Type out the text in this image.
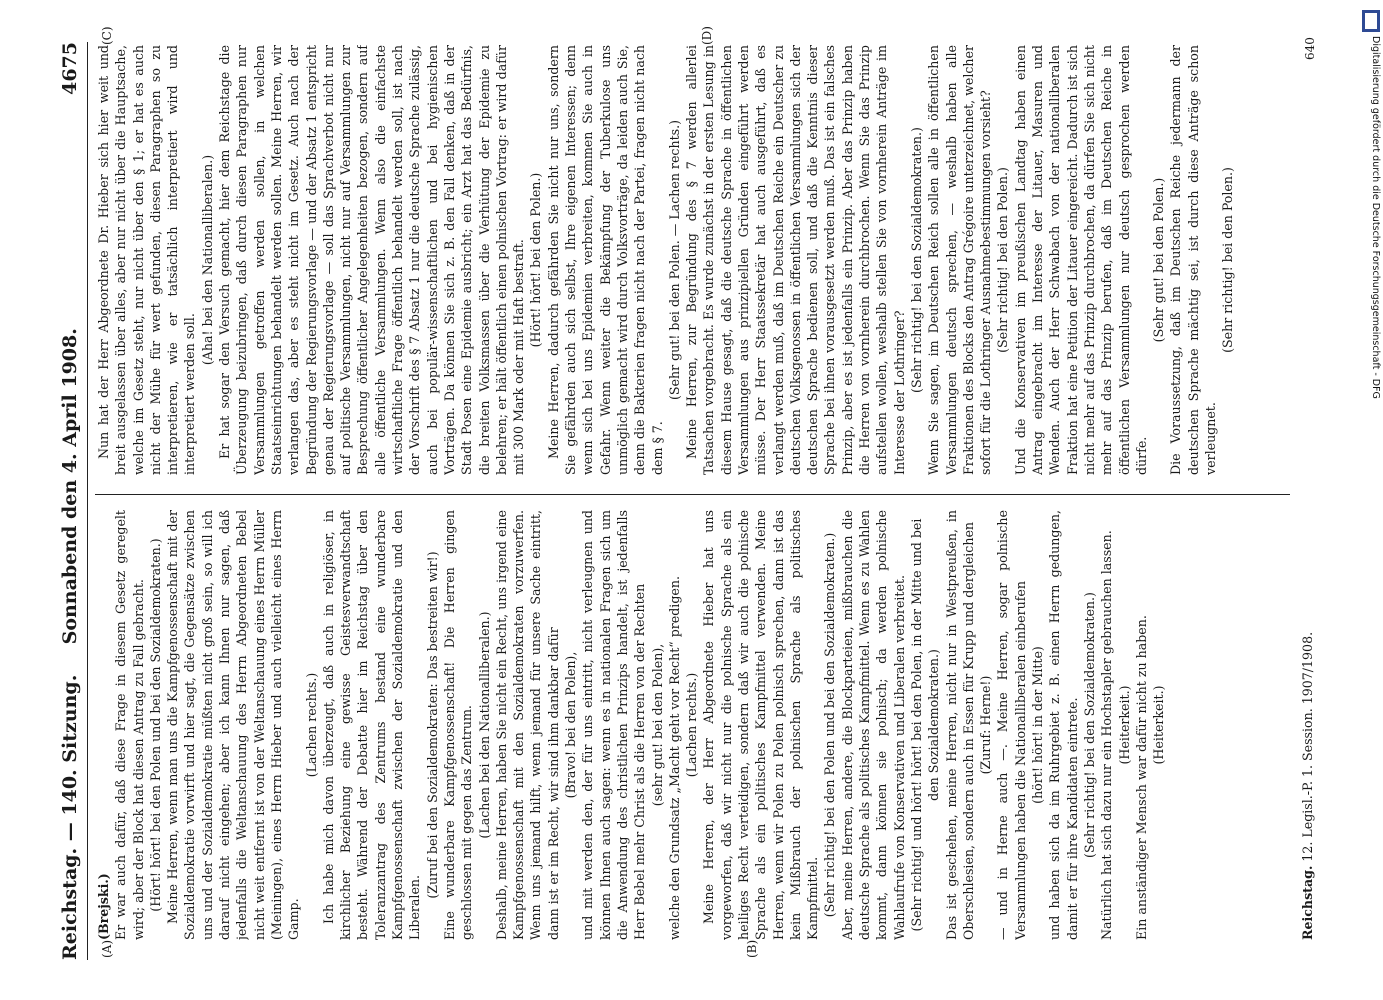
Reichstag. — 140. Sitzung.
Sonnabend den 4. April 1908.  4675
(A)	(B)
(C)	(D)
(Brejski.) Er war auch dafür, daß diese Frage in diesem Gesetz geregelt wird; aber der Block hat diesen Antrag zu Fall gebracht. (Hört! hört! bei den Polen und bei den Sozialdemokraten.) Meine Herren, wenn man uns die Kampfgenossenschaft mit der Sozialdemokratie vorwirft und hier sagt, die Gegensätze zwischen uns und der Sozialdemokratie müßten nicht groß sein, so will ich darauf nicht eingehen; aber ich kann Ihnen nur sagen, daß jedenfalls die Weltanschauung des Herrn Abgeordneten Bebel nicht weit entfernt ist von der Weltanschauung eines Herrn Müller (Meiningen), eines Herrn Hieber und auch vielleicht eines Herrn Gamp.

(Lachen rechts.) Ich habe mich davon überzeugt, daß auch in religiöser, in kirchlicher Beziehung eine gewisse Geistesverwandtschaft besteht. Während der Debatte hier im Reichstag über den Toleranzantrag des Zentrums bestand eine wunderbare Kampfgenossenschaft zwischen der Sozialdemokratie und den Liberalen.

(Zuruf bei den Sozialdemokraten: Das bestreiten wir!) Eine wunderbare Kampfgenossenschaft! Die Herren gingen geschlossen mit gegen das Zentrum. (Lachen bei den Nationalliberalen.) Deshalb, meine Herren, haben Sie nicht ein Recht, uns irgend eine Kampfgenossenschaft mit den Sozialdemokraten vorzuwerfen. Wenn uns jemand hilft, wenn jemand für unsere Sache eintritt, dann ist er im Recht, wir sind ihm dankbar dafür (Bravo! bei den Polen), und mit werden den, der für uns eintritt, nicht verleugnen und können Ihnen auch sagen: wenn es in nationalen Fragen sich um die Anwendung des christlichen Prinzips handelt, ist jedenfalls Herr Bebel mehr Christ als die Herren von der Rechten (sehr gut! bei den Polen), welche den Grundsatz „Macht geht vor Recht“ predigen. (Lachen rechts.) Meine Herren, der Herr Abgeordnete Hieber hat uns vorgeworfen, daß wir nicht nur die polnische Sprache als ein heiliges Recht verteidigen, sondern daß wir auch die polnische Sprache als ein politisches Kampfmittel verwenden. Meine Herren, wenn wir Polen zu Polen polnisch sprechen, dann ist das kein Mißbrauch der polnischen Sprache als politisches Kampfmittel. (Sehr richtig! bei den Polen und bei den Sozialdemokraten.) Aber, meine Herren, andere, die Blockparteien, mißbrauchen die deutsche Sprache als politisches Kampfmittel. Wenn es zu Wahlen kommt, dann können sie polnisch; da werden polnische Wahlaufrufe von Konservativen und Liberalen verbreitet. (Sehr richtig! und hört! hört! bei den Polen, in der Mitte und bei den Sozialdemokraten.) Das ist geschehen, meine Herren, nicht nur in Westpreußen, in Oberschlesien, sondern auch in Essen für Krupp und dergleichen (Zuruf: Herne!) — und in Herne auch —. Meine Herren, sogar polnische Versammlungen haben die Nationalliberalen einberufen (hört! hört! in der Mitte) und haben sich da im Ruhrgebiet z. B. einen Herrn gedungen, damit er für ihre Kandidaten eintrete. (Sehr richtig! bei den Sozialdemokraten.) Natürlich hat sich dazu nur ein Hochstapler gebrauchen lassen. (Heiterkeit.) Ein anständiger Mensch war dafür nicht zu haben. (Heiterkeit.)

Nun hat der Herr Abgeordnete Dr. Hieber sich hier weit und breit ausgelassen über alles, aber nur nicht über die Hauptsache, welche im Gesetz steht, nur nicht über den § 1; er hat es auch nicht der Mühe für wert gefunden, diesen Paragraphen so zu interpretieren, wie er tatsächlich interpretiert wird und interpretiert werden soll.

(Aha! bei den Nationalliberalen.) Er hat sogar den Versuch gemacht, hier dem Reichstage die Überzeugung beizubringen, daß durch diesen Paragraphen nur Versammlungen getroffen werden sollen, in welchen Staatseinrichtungen behandelt werden sollen. Meine Herren, wir verlangen das, aber es steht nicht im Gesetz. Auch nach der Begründung der Regierungsvorlage — und der Absatz 1 entspricht genau der Regierungsvorlage — soll das Sprachverbot nicht nur auf politische Versammlungen, nicht nur auf Versammlungen zur Besprechung öffentlicher Angelegenheiten bezogen, sondern auf alle öffentliche Versammlungen. Wenn also die einfachste wirtschaftliche Frage öffentlich behandelt werden soll, ist nach der Vorschrift des § 7 Absatz 1 nur die deutsche Sprache zulässig, auch bei populär-wissenschaftlichen und bei hygienischen Vorträgen. Da können Sie sich z. B. den Fall denken, daß in der Stadt Posen eine Epidemie ausbricht; ein Arzt hat das Bedürfnis, die breiten Volksmassen über die Verhütung der Epidemie zu belehren; er hält öffentlich einen polnischen Vortrag: er wird dafür mit 300 Mark oder mit Haft bestraft. (Hört! hört! bei den Polen.) Meine Herren, dadurch gefährden Sie nicht nur uns, sondern Sie gefährden auch sich selbst, Ihre eigenen Interessen; denn wenn sich bei uns Epidemien verbreiten, kommen Sie auch in Gefahr. Wenn weiter die Bekämpfung der Tuberkulose uns unmöglich gemacht wird durch Volksvorträge, da leiden auch Sie, denn die Bakterien fragen nicht nach der Partei, fragen nicht nach dem § 7.

(Sehr gut! bei den Polen. — Lachen rechts.) Meine Herren, zur Begründung des § 7 werden allerlei Tatsachen vorgebracht. Es wurde zunächst in der ersten Lesung in diesem Hause gesagt, daß die deutsche Sprache in öffentlichen Versammlungen aus prinzipiellen Gründen eingeführt werden müsse. Der Herr Staatssekretär hat auch ausgeführt, daß es verlangt werden muß, daß im Deutschen Reiche ein Deutscher zu deutschen Volksgenossen in öffentlichen Versammlungen sich der deutschen Sprache bedienen soll, und daß die Kenntnis dieser Sprache bei ihnen vorausgesetzt werden muß. Das ist ein falsches Prinzip, aber es ist jedenfalls ein Prinzip. Aber das Prinzip haben die Herren von vornherein durchbrochen. Wenn Sie das Prinzip aufstellen wollen, weshalb stellen Sie von vornherein Anträge im Interesse der Lothringer? (Sehr richtig! bei den Sozialdemokraten.) Wenn Sie sagen, im Deutschen Reich sollen alle in öffentlichen Versammlungen deutsch sprechen, — weshalb haben alle Fraktionen des Blocks den Antrag Grégoire unterzeichnet, welcher sofort für die Lothringer Ausnahmebestimmungen vorsieht? (Sehr richtig! bei den Polen.) Und die Konservativen im preußischen Landtag haben einen Antrag eingebracht im Interesse der Litauer, Masuren und Wenden. Auch der Herr Schwabach von der nationalliberalen Fraktion hat eine Petition der Litauer eingereicht. Dadurch ist sich nicht mehr auf das Prinzip durchbrochen, da dürfen Sie sich nicht mehr auf das Prinzip berufen, daß im Deutschen Reiche in öffentlichen Versammlungen nur deutsch gesprochen werden dürfe.

(Sehr gut! bei den Polen.) Die Voraussetzung, daß im Deutschen Reiche jedermann der deutschen Sprache mächtig sei, ist durch diese Anträge schon verleugnet.

(Sehr richtig! bei den Polen.)

Reichstag. 12. Legisl.-P. 1. Session. 1907/1908.
640	Digitalisierung gefördert durch die Deutsche Forschungsgemeinschaft - DFG
